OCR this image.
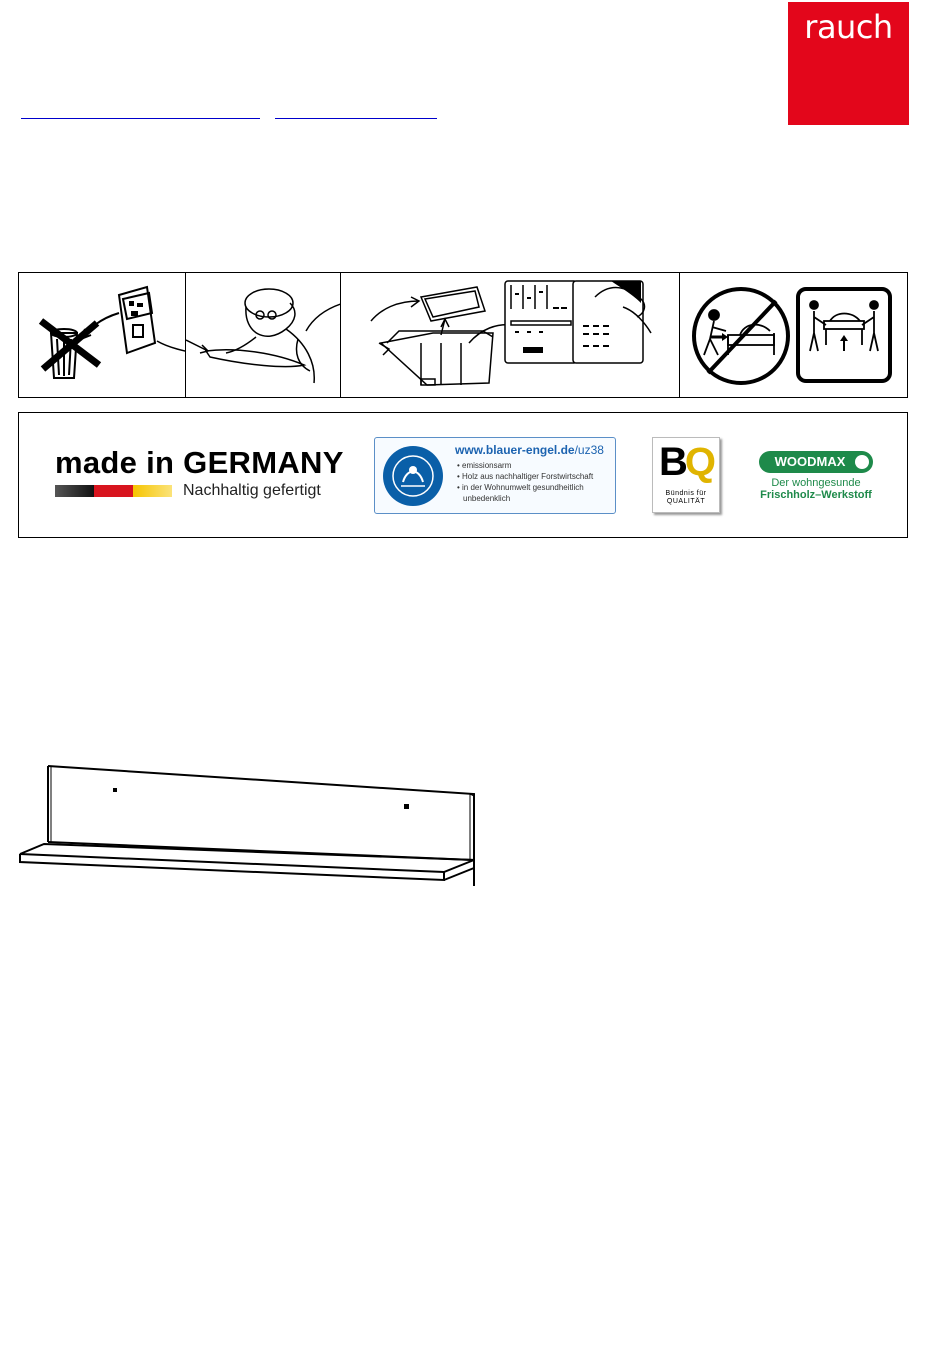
rauch
made in GERMANY
Nachhaltig gefertigt
www.blauer-engel.de/uz38
• emissionsarm
• Holz aus nachhaltiger Forstwirtschaft
• in der Wohnumwelt gesundheitlich
unbedenklich
BQ
Bündnis für
QUALITÄT
WOODMAX
Der wohngesunde
Frischholz–Werkstoff
